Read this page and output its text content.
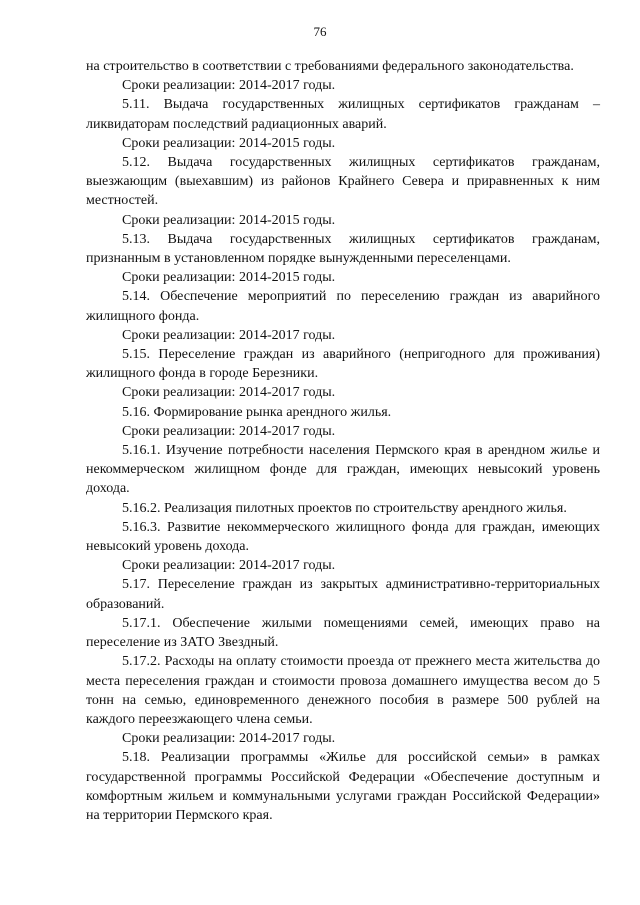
76

на строительство в соответствии с требованиями федерального законодательства.

Сроки реализации: 2014-2017 годы.

5.11. Выдача государственных жилищных сертификатов гражданам – ликвидаторам последствий радиационных аварий.

Сроки реализации: 2014-2015 годы.

5.12. Выдача государственных жилищных сертификатов гражданам, выезжающим (выехавшим) из районов Крайнего Севера и приравненных к ним местностей.

Сроки реализации: 2014-2015 годы.

5.13. Выдача государственных жилищных сертификатов гражданам, признанным в установленном порядке вынужденными переселенцами.

Сроки реализации: 2014-2015 годы.

5.14. Обеспечение мероприятий по переселению граждан из аварийного жилищного фонда.

Сроки реализации: 2014-2017 годы.

5.15. Переселение граждан из аварийного (непригодного для проживания) жилищного фонда в городе Березники.

Сроки реализации: 2014-2017 годы.

5.16. Формирование рынка арендного жилья.

Сроки реализации: 2014-2017 годы.

5.16.1. Изучение потребности населения Пермского края в арендном жилье и некоммерческом жилищном фонде для граждан, имеющих невысокий уровень дохода.

5.16.2. Реализация пилотных проектов по строительству арендного жилья.

5.16.3. Развитие некоммерческого жилищного фонда для граждан, имеющих невысокий уровень дохода.

Сроки реализации: 2014-2017 годы.

5.17. Переселение граждан из закрытых административно-территориальных образований.

5.17.1. Обеспечение жилыми помещениями семей, имеющих право на переселение из ЗАТО Звездный.

5.17.2. Расходы на оплату стоимости проезда от прежнего места жительства до места переселения граждан и стоимости провоза домашнего имущества весом до 5 тонн на семью, единовременного денежного пособия в размере 500 рублей на каждого переезжающего члена семьи.

Сроки реализации: 2014-2017 годы.

5.18. Реализации программы «Жилье для российской семьи» в рамках государственной программы Российской Федерации «Обеспечение доступным и комфортным жильем и коммунальными услугами граждан Российской Федерации» на территории Пермского края.
